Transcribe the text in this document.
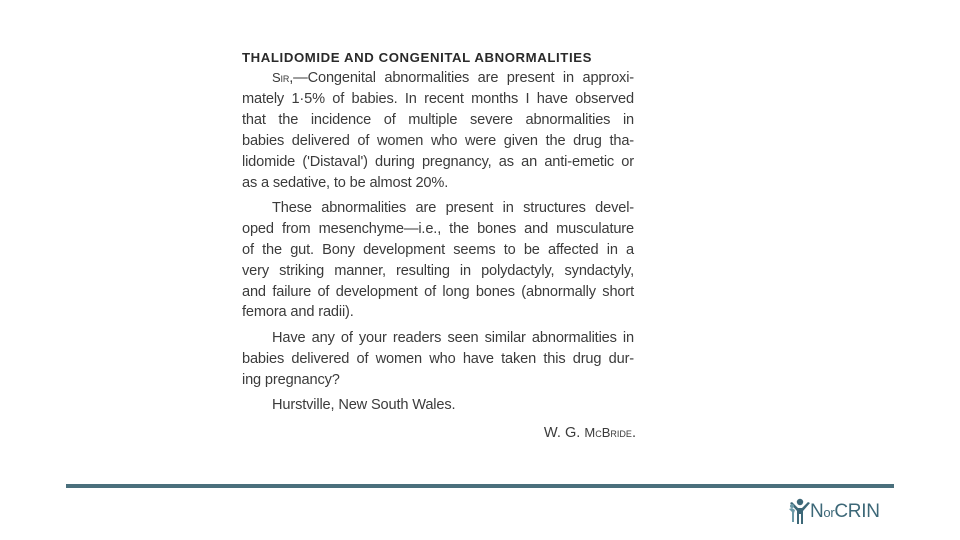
THALIDOMIDE AND CONGENITAL ABNORMALITIES
Sir,—Congenital abnormalities are present in approxi-
mately 1·5% of babies. In recent months I have observed
that the incidence of multiple severe abnormalities in
babies delivered of women who were given the drug tha-
lidomide ('Distaval') during pregnancy, as an anti-emetic or
as a sedative, to be almost 20%.
These abnormalities are present in structures devel-
oped from mesenchyme—i.e., the bones and musculature
of the gut. Bony development seems to be affected in a
very striking manner, resulting in polydactyly, syndactyly,
and failure of development of long bones (abnormally short
femora and radii).
Have any of your readers seen similar abnormalities in
babies delivered of women who have taken this drug dur-
ing pregnancy?
Hurstville, New South Wales.
W. G. McBride.
NorCRIN
